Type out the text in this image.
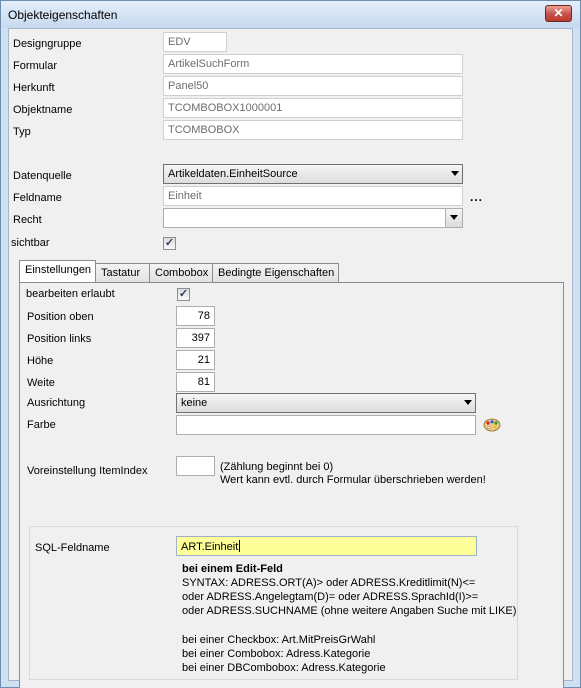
Objekteigenschaften	✕
Designgruppe	EDV
Formular	ArtikelSuchForm
Herkunft	Panel50
Objektname	TCOMBOBOX1000001
Typ	TCOMBOBOX
Datenquelle	Artikeldaten.EinheitSource
Feldname	Einheit	...
Recht
sichtbar	✓
Einstellungen Tastatur	Combobox Bedingte Eigenschaften
bearbeiten erlaubt	✓
Position oben	78
Position links	397
Höhe	21
Weite	81
Ausrichtung	keine
Farbe
Voreinstellung ItemIndex	(Zählung beginnt bei 0)
Wert kann evtl. durch Formular überschrieben werden!
SQL-Feldname	ART.Einheit
bei einem Edit-Feld
SYNTAX: ADRESS.ORT(A)> oder ADRESS.Kreditlimit(N)<=
oder ADRESS.Angelegtam(D)= oder ADRESS.SprachId(I)>=
oder ADRESS.SUCHNAME (ohne weitere Angaben Suche mit LIKE)
bei einer Checkbox: Art.MitPreisGrWahl
bei einer Combobox: Adress.Kategorie
bei einer DBCombobox: Adress.Kategorie
